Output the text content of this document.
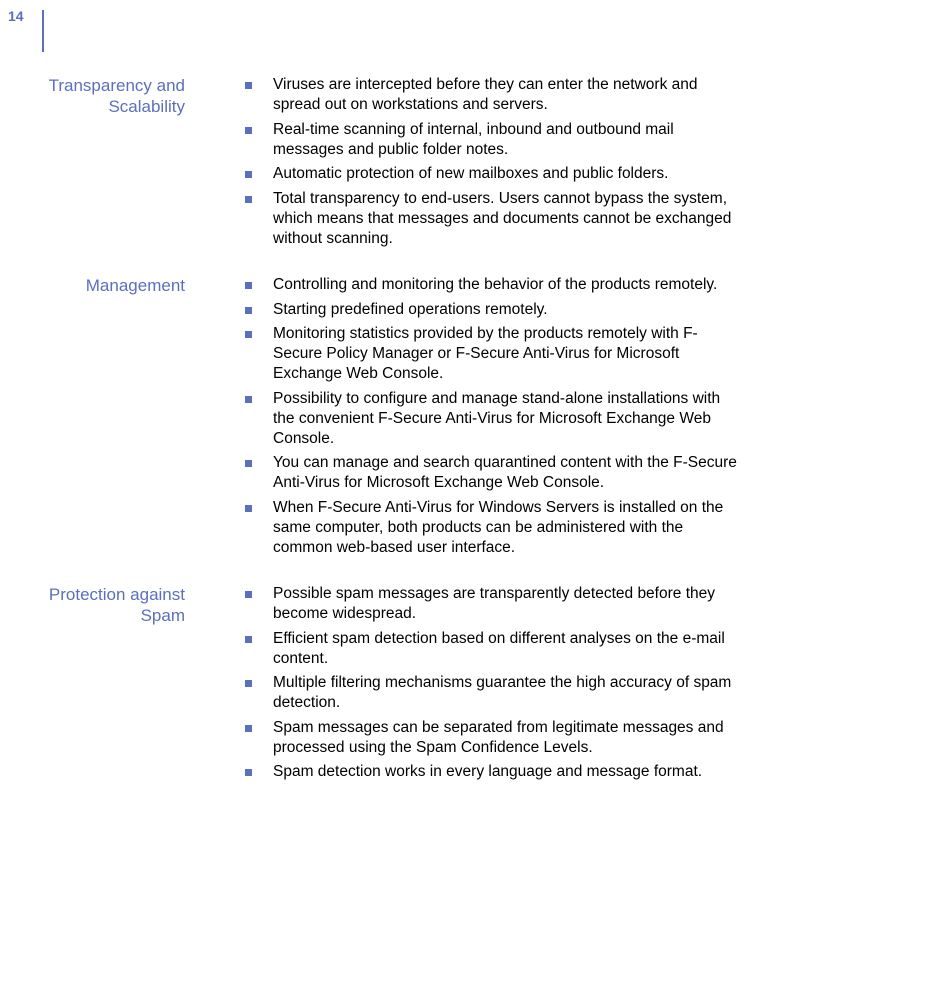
14
Transparency and
Scalability
Viruses are intercepted before they can enter the network and spread out on workstations and servers.
Real-time scanning of internal, inbound and outbound mail messages and public folder notes.
Automatic protection of new mailboxes and public folders.
Total transparency to end-users. Users cannot bypass the system, which means that messages and documents cannot be exchanged without scanning.
Management	Controlling and monitoring the behavior of the products remotely.
Starting predefined operations remotely.
Monitoring statistics provided by the products remotely with F-Secure Policy Manager or F-Secure Anti-Virus for Microsoft Exchange Web Console.
Possibility to configure and manage stand-alone installations with the convenient F-Secure Anti-Virus for Microsoft Exchange Web Console.
You can manage and search quarantined content with the F-Secure Anti-Virus for Microsoft Exchange Web Console.
When F-Secure Anti-Virus for Windows Servers is installed on the same computer, both products can be administered with the common web-based user interface.
Protection against
Spam
Possible spam messages are transparently detected before they become widespread.
Efficient spam detection based on different analyses on the e-mail content.
Multiple filtering mechanisms guarantee the high accuracy of spam detection.
Spam messages can be separated from legitimate messages and processed using the Spam Confidence Levels.
Spam detection works in every language and message format.
